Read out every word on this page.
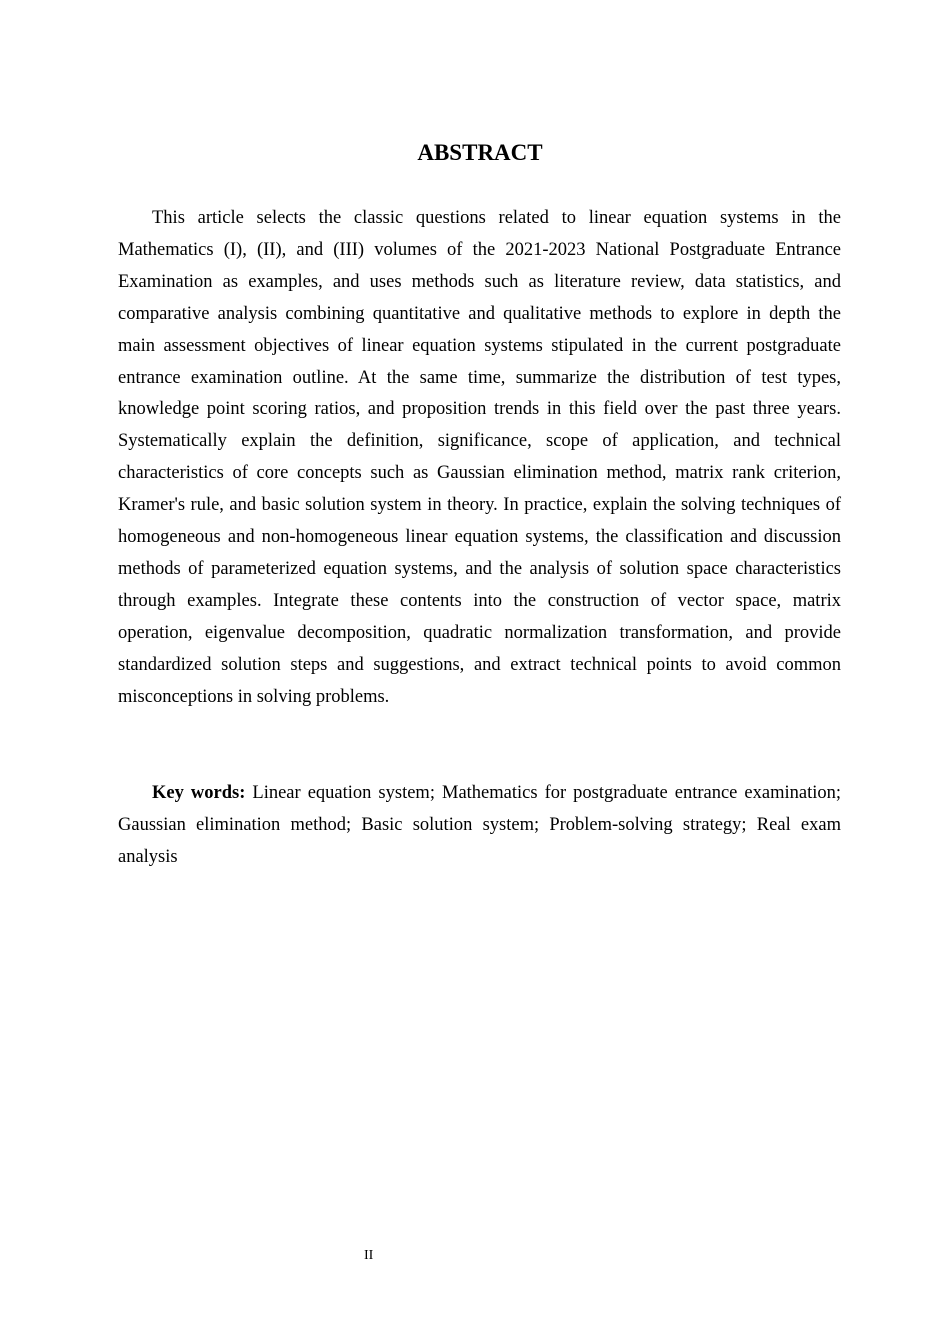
ABSTRACT

This article selects the classic questions related to linear equation systems in the Mathematics (I), (II), and (III) volumes of the 2021-2023 National Postgraduate Entrance Examination as examples, and uses methods such as literature review, data statistics, and comparative analysis combining quantitative and qualitative methods to explore in depth the main assessment objectives of linear equation systems stipulated in the current postgraduate entrance examination outline. At the same time, summarize the distribution of test types, knowledge point scoring ratios, and proposition trends in this field over the past three years. Systematically explain the definition, significance, scope of application, and technical characteristics of core concepts such as Gaussian elimination method, matrix rank criterion, Kramer's rule, and basic solution system in theory. In practice, explain the solving techniques of homogeneous and non-homogeneous linear equation systems, the classification and discussion methods of parameterized equation systems, and the analysis of solution space characteristics through examples. Integrate these contents into the construction of vector space, matrix operation, eigenvalue decomposition, quadratic normalization transformation, and provide standardized solution steps and suggestions, and extract technical points to avoid common misconceptions in solving problems.

Key words: Linear equation system; Mathematics for postgraduate entrance examination; Gaussian elimination method; Basic solution system; Problem-solving strategy; Real exam analysis

II
